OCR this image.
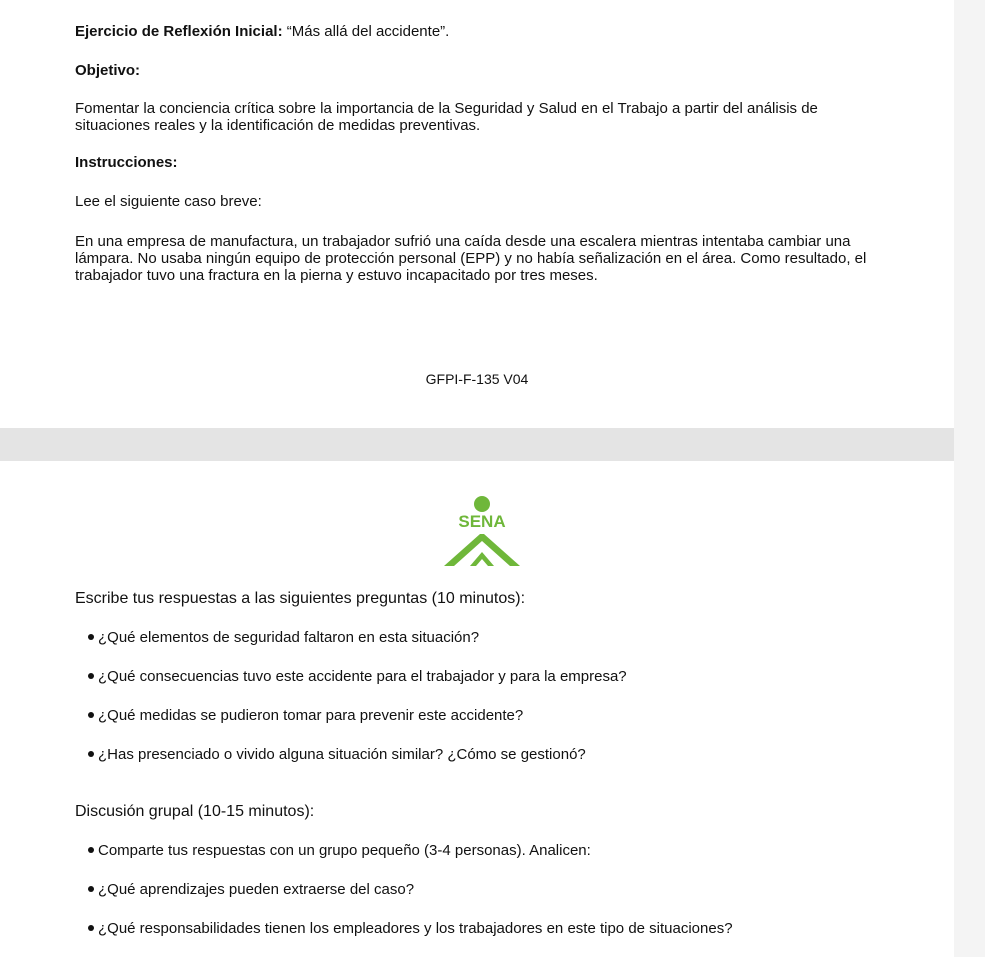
Ejercicio de Reflexión Inicial: “Más allá del accidente”.
Objetivo:
Fomentar la conciencia crítica sobre la importancia de la Seguridad y Salud en el Trabajo a partir del análisis de situaciones reales y la identificación de medidas preventivas.
Instrucciones:
Lee el siguiente caso breve:
En una empresa de manufactura, un trabajador sufrió una caída desde una escalera mientras intentaba cambiar una lámpara. No usaba ningún equipo de protección personal (EPP) y no había señalización en el área. Como resultado, el trabajador tuvo una fractura en la pierna y estuvo incapacitado por tres meses.
GFPI-F-135 V04
SENA
Escribe tus respuestas a las siguientes preguntas (10 minutos):
¿Qué elementos de seguridad faltaron en esta situación?
¿Qué consecuencias tuvo este accidente para el trabajador y para la empresa?
¿Qué medidas se pudieron tomar para prevenir este accidente?
¿Has presenciado o vivido alguna situación similar? ¿Cómo se gestionó?
Discusión grupal (10-15 minutos):
Comparte tus respuestas con un grupo pequeño (3-4 personas). Analicen:
¿Qué aprendizajes pueden extraerse del caso?
¿Qué responsabilidades tienen los empleadores y los trabajadores en este tipo de situaciones?
